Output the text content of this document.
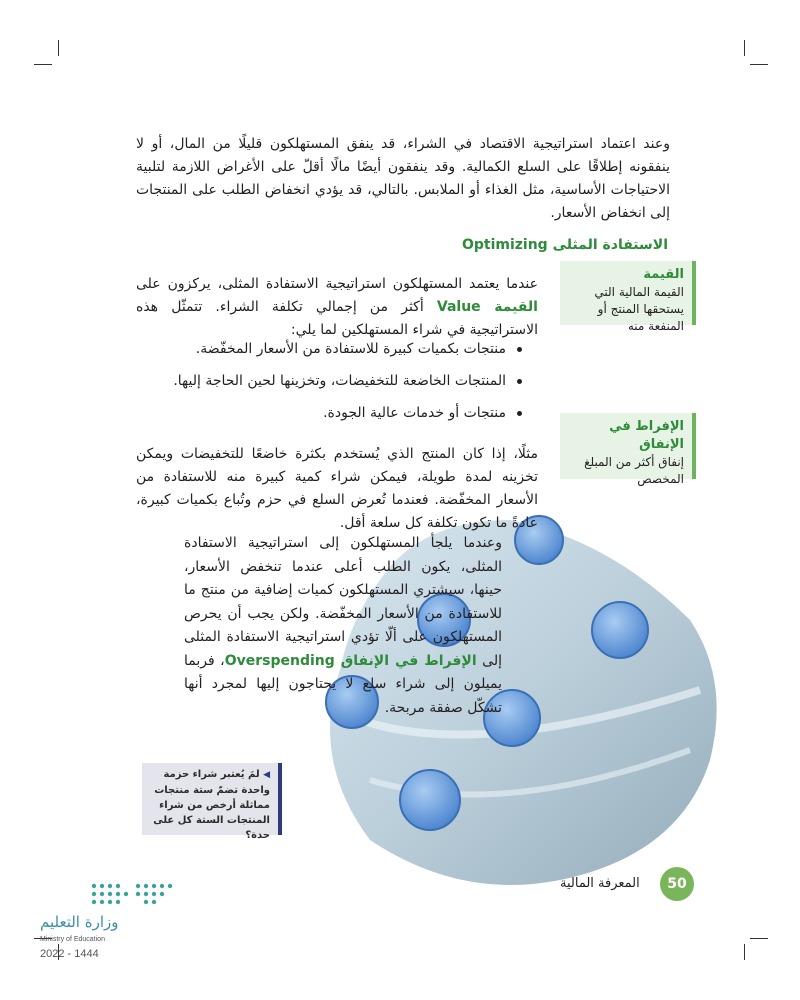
وعند اعتماد استراتيجية الاقتصاد في الشراء، قد ينفق المستهلكون قليلًا من المال، أو لا ينفقونه إطلاقًا على السلع الكمالية. وقد ينفقون أيضًا مالًا أقلّ على الأغراض اللازمة لتلبية الاحتياجات الأساسية، مثل الغذاء أو الملابس. بالتالي، قد يؤدي انخفاض الطلب على المنتجات إلى انخفاض الأسعار.

الاستفادة المثلى Optimizing

عندما يعتمد المستهلكون استراتيجية الاستفادة المثلى، يركزون على القيمة Value أكثر من إجمالي تكلفة الشراء. تتمثّل هذه الاستراتيجية في شراء المستهلكين لما يلي:

منتجات بكميات كبيرة للاستفادة من الأسعار المخفّضة.
المنتجات الخاضعة للتخفيضات، وتخزينها لحين الحاجة إليها.
منتجات أو خدمات عالية الجودة.

مثلًا، إذا كان المنتج الذي يُستخدم بكثرة خاضعًا للتخفيضات ويمكن تخزينه لمدة طويلة، فيمكن شراء كمية كبيرة منه للاستفادة من الأسعار المخفّضة. فعندما تُعرض السلع في حزم وتُباع بكميات كبيرة، عادةً ما تكون تكلفة كل سلعة أقل.

وعندما يلجأ المستهلكون إلى استراتيجية الاستفادة المثلى، يكون الطلب أعلى عندما تنخفض الأسعار، حينها، سيشتري المستهلكون كميات إضافية من منتج ما للاستفادة من الأسعار المخفّضة. ولكن يجب أن يحرص المستهلكون على ألّا تؤدي استراتيجية الاستفادة المثلى إلى الإفراط في الإنفاق Overspending، فربما يميلون إلى شراء سلع لا يحتاجون إليها لمجرد أنها تشكّل صفقة مربحة.

القيمة
القيمة المالية التي يستحقها المنتج أو المنفعة منه
الإفراط في الإنفاق
إنفاق أكثر من المبلغ المخصص
◀ لمَ يُعتبر شراء حزمة واحدة تضمّ ستة منتجات مماثلة أرخص من شراء المنتجات الستة كل على حدة؟
المعرفة المالية	50
وزارة التعليم
Ministry of Education
2022 - 1444
